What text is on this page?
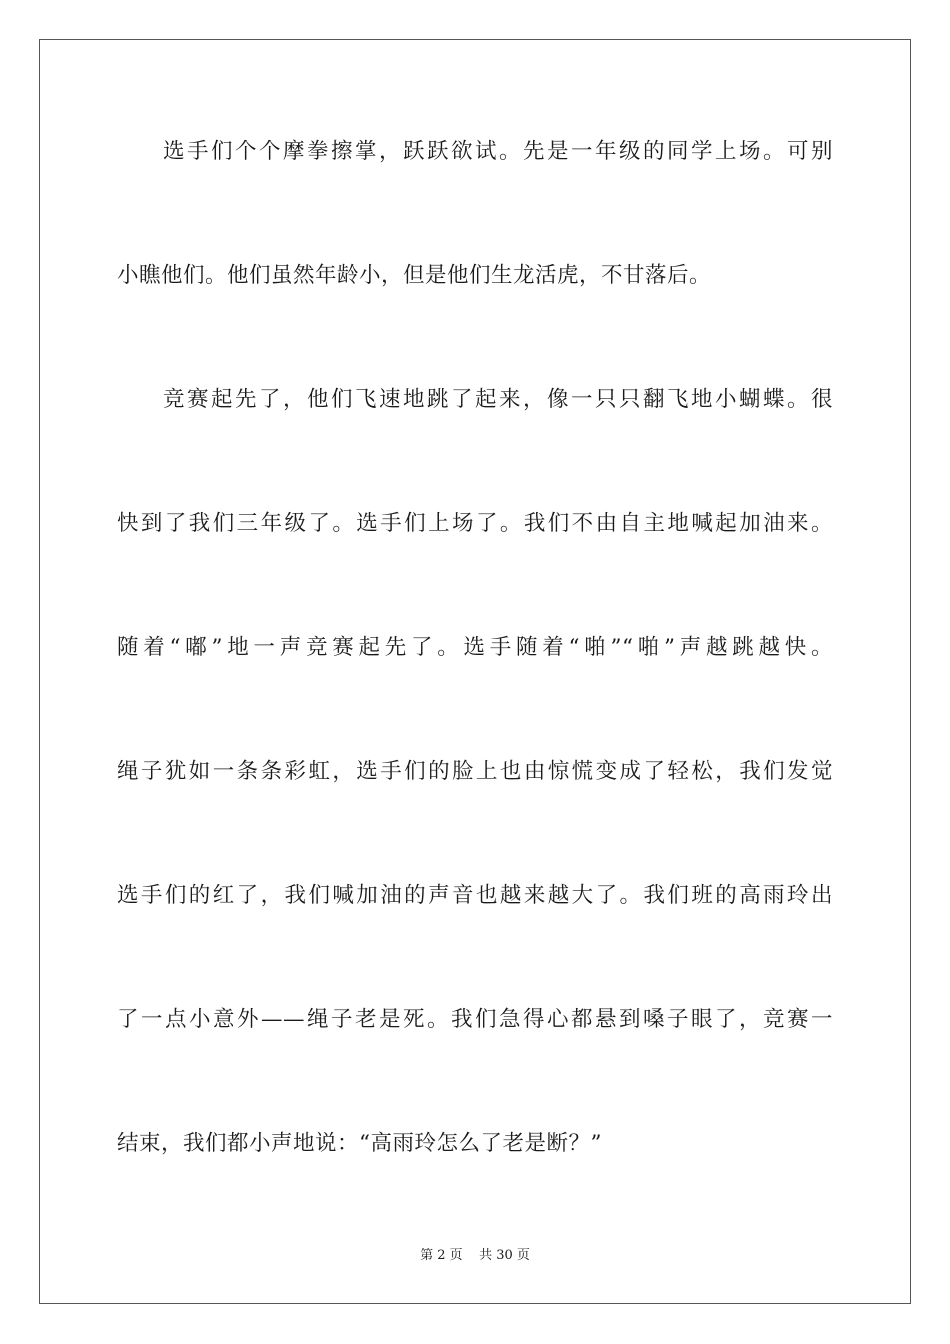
选手们个个摩拳擦掌，跃跃欲试。先是一年级的同学上场。可别
小瞧他们。他们虽然年龄小，但是他们生龙活虎，不甘落后。
竞赛起先了，他们飞速地跳了起来，像一只只翻飞地小蝴蝶。很
快到了我们三年级了。选手们上场了。我们不由自主地喊起加油来。
随着“嘟”地一声竞赛起先了。选手随着“啪”“啪”声越跳越快。
绳子犹如一条条彩虹，选手们的脸上也由惊慌变成了轻松，我们发觉
选手们的红了，我们喊加油的声音也越来越大了。我们班的高雨玲出
了一点小意外——绳子老是死。我们急得心都悬到嗓子眼了，竞赛一
结束，我们都小声地说：“高雨玲怎么了老是断？”
第 2 页    共 30 页
